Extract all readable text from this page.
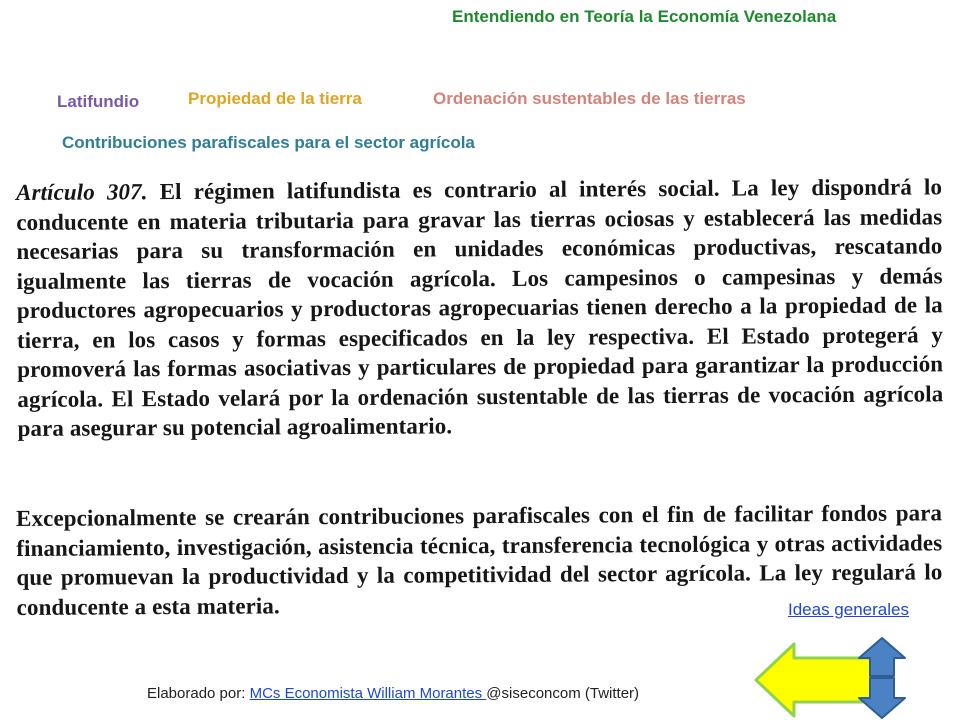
Entendiendo en Teoría la Economía Venezolana
Latifundio	Propiedad de la tierra	Ordenación sustentables de las tierras
Contribuciones parafiscales para el sector agrícola
Artículo 307. El régimen latifundista es contrario al interés social. La ley dispondrá lo conducente en materia tributaria para gravar las tierras ociosas y establecerá las medidas necesarias para su transformación en unidades económicas productivas, rescatando igualmente las tierras de vocación agrícola. Los campesinos o campesinas y demás productores agropecuarios y productoras agropecuarias tienen derecho a la propiedad de la tierra, en los casos y formas especificados en la ley respectiva. El Estado protegerá y promoverá las formas asociativas y particulares de propiedad para garantizar la producción agrícola. El Estado velará por la ordenación sustentable de las tierras de vocación agrícola para asegurar su potencial agroalimentario.
Excepcionalmente se crearán contribuciones parafiscales con el fin de facilitar fondos para financiamiento, investigación, asistencia técnica, transferencia tecnológica y otras actividades que promuevan la productividad y la competitividad del sector agrícola. La ley regulará lo conducente a esta materia.	Ideas generales
Elaborado por: MCs Economista William Morantes @siseconcom (Twitter)
